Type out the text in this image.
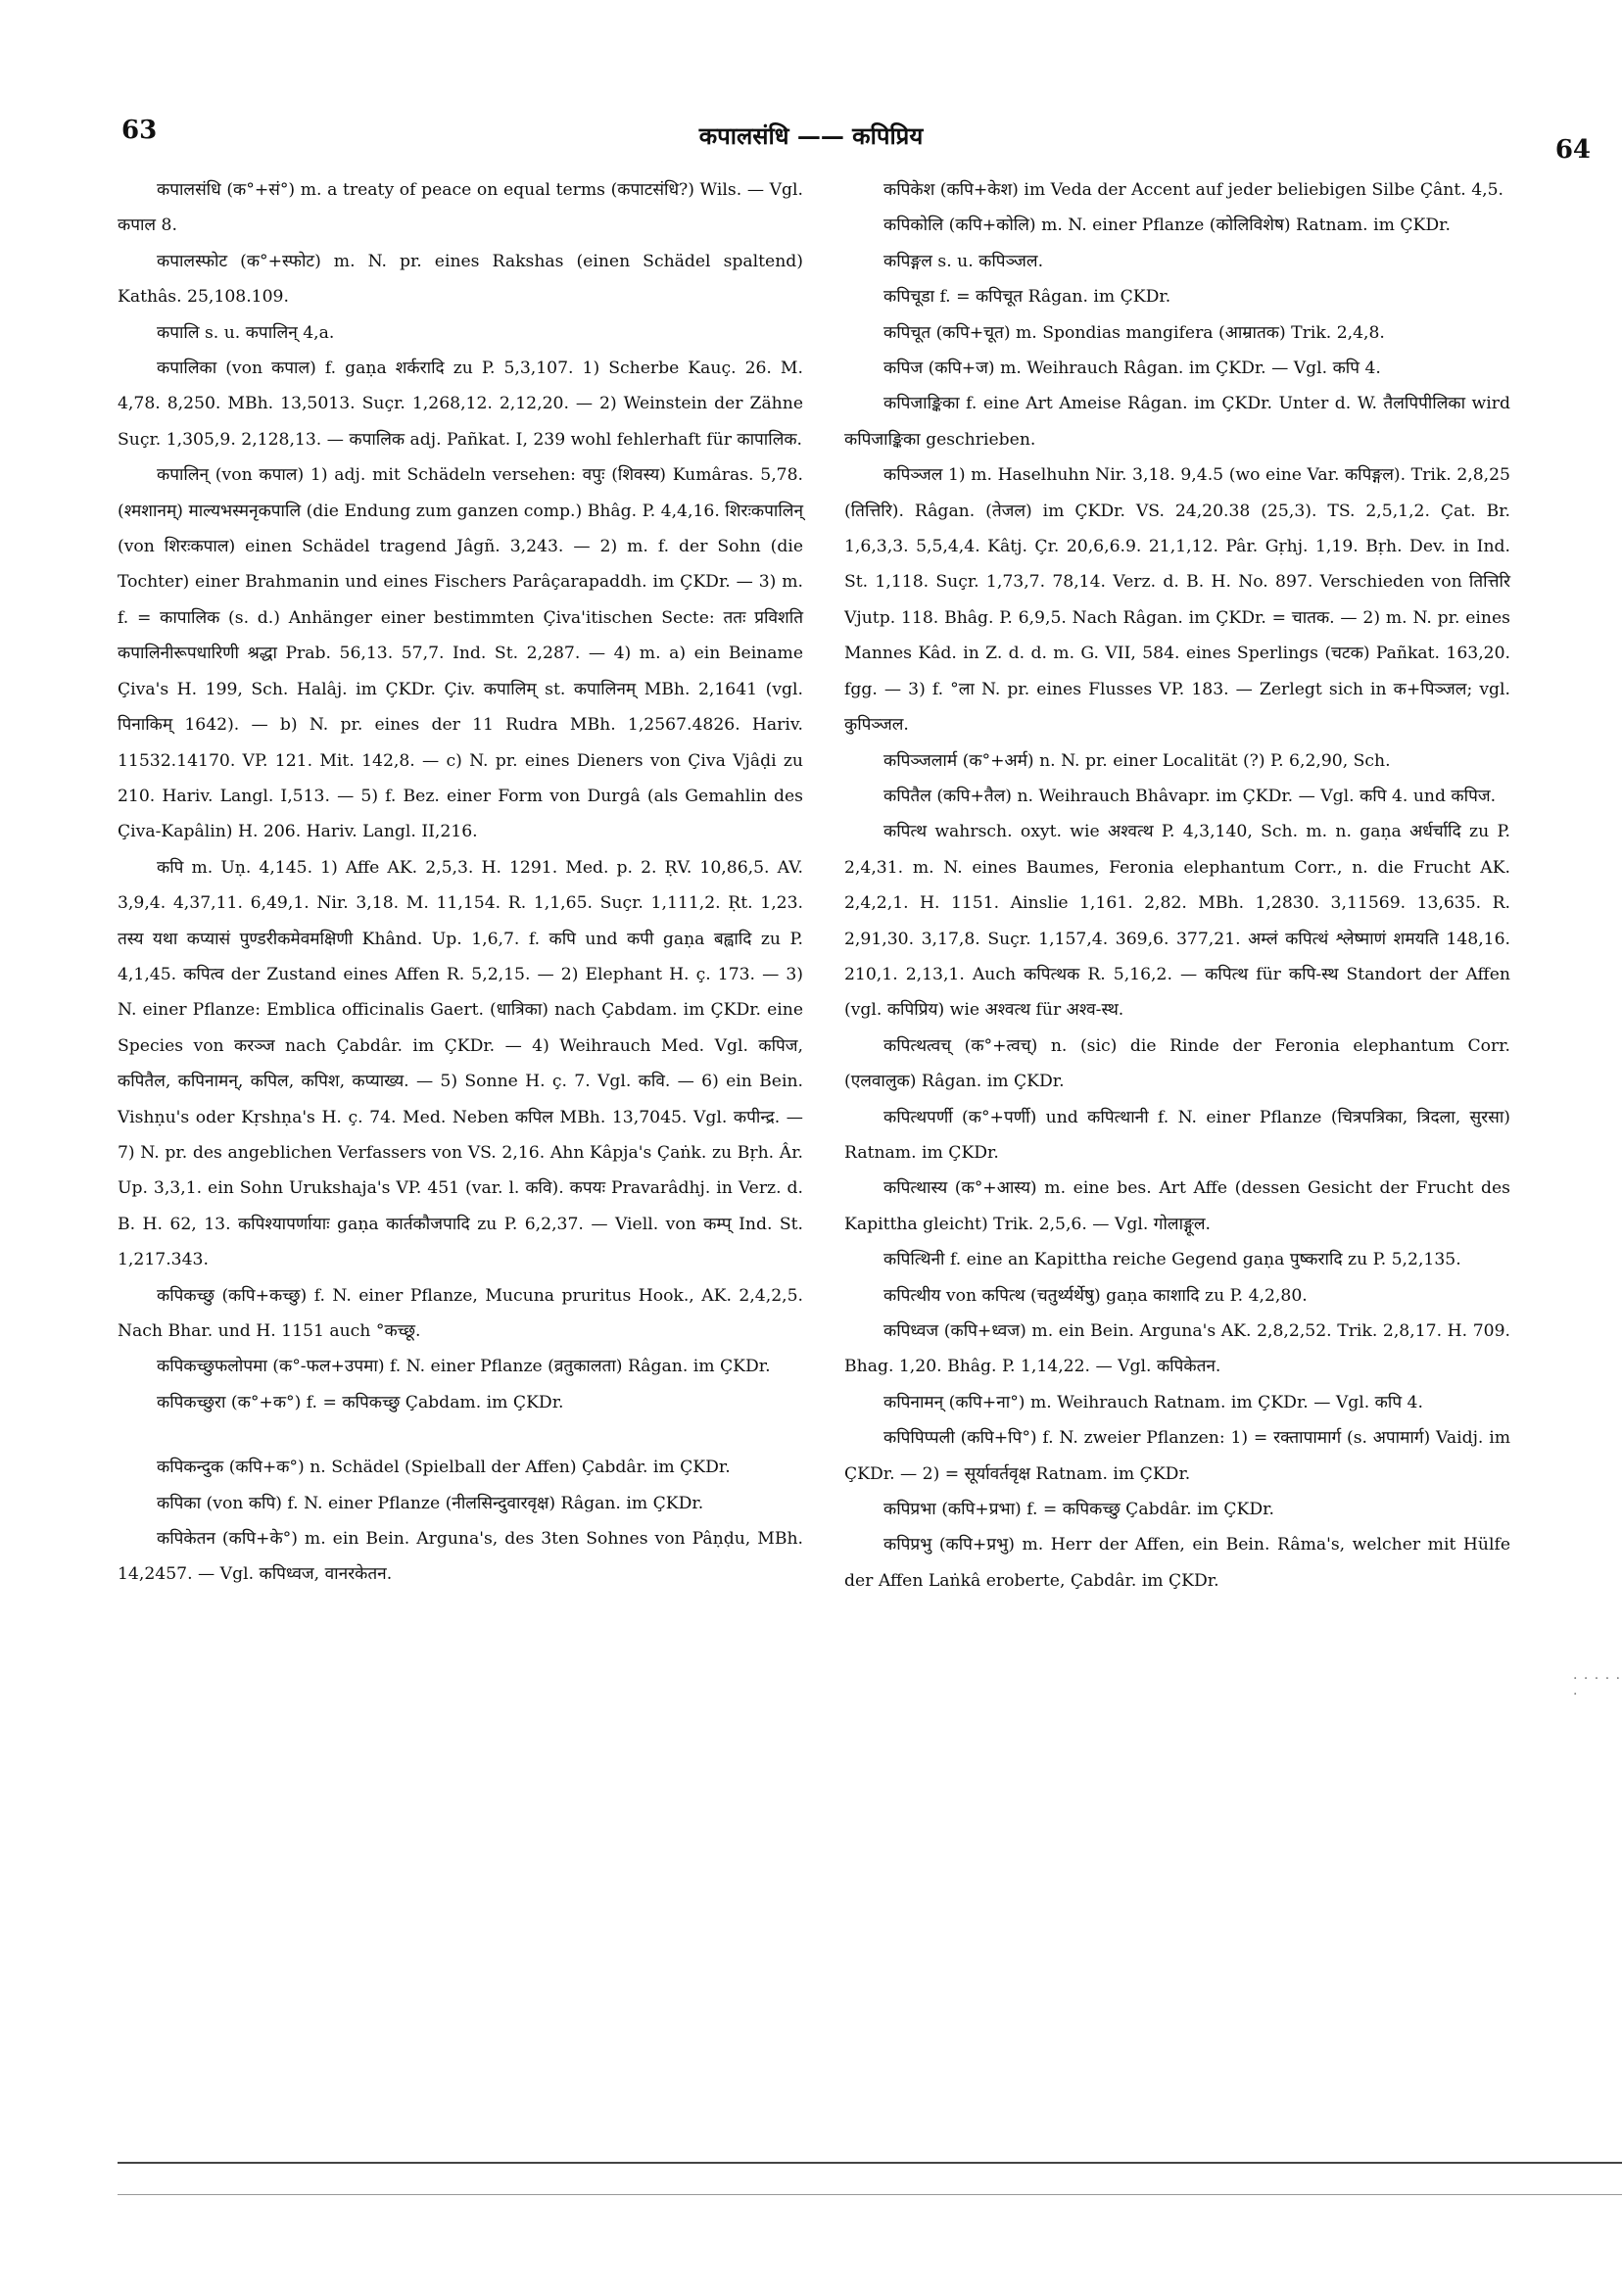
63	कपालसंधि —— कपिप्रिय	64

कपालसंधि (क°+सं°) m. a treaty of peace on equal terms (कपाटसंधि?) Wils. — Vgl. कपाल 8.

कपालस्फोट (क°+स्फोट) m. N. pr. eines Rakshas (einen Schädel spaltend) Kathâs. 25,108.109.

कपालि s. u. कपालिन् 4,a.

कपालिका (von कपाल) f. gaṇa शर्करादि zu P. 5,3,107. 1) Scherbe Kauç. 26. M. 4,78. 8,250. MBh. 13,5013. Suçr. 1,268,12. 2,12,20. — 2) Weinstein der Zähne Suçr. 1,305,9. 2,128,13. — कपालिक adj. Pañkat. I, 239 wohl fehlerhaft für कापालिक.

कपालिन् (von कपाल) 1) adj. mit Schädeln versehen: वपुः (शिवस्य) Kumâras. 5,78. (श्मशानम्) माल्यभस्मनृकपालि (die Endung zum ganzen comp.) Bhâg. P. 4,4,16. शिरःकपालिन् (von शिरःकपाल) einen Schädel tragend Jâgñ. 3,243. — 2) m. f. der Sohn (die Tochter) einer Brahmanin und eines Fischers Parâçarapaddh. im ÇKDr. — 3) m. f. = कापालिक (s. d.) Anhänger einer bestimmten Çiva'itischen Secte: ततः प्रविशति कपालिनीरूपधारिणी श्रद्धा Prab. 56,13. 57,7. Ind. St. 2,287. — 4) m. a) ein Beiname Çiva's H. 199, Sch. Halâj. im ÇKDr. Çiv. कपालिम् st. कपालिनम् MBh. 2,1641 (vgl. पिनाकिम् 1642). — b) N. pr. eines der 11 Rudra MBh. 1,2567.4826. Hariv. 11532.14170. VP. 121. Mit. 142,8. — c) N. pr. eines Dieners von Çiva Vjâḍi zu 210. Hariv. Langl. I,513. — 5) f. Bez. einer Form von Durgâ (als Gemahlin des Çiva-Kapâlin) H. 206. Hariv. Langl. II,216.

कपि m. Uṇ. 4,145. 1) Affe AK. 2,5,3. H. 1291. Med. p. 2. ṚV. 10,86,5. AV. 3,9,4. 4,37,11. 6,49,1. Nir. 3,18. M. 11,154. R. 1,1,65. Suçr. 1,111,2. Ṛt. 1,23. तस्य यथा कप्यासं पुण्डरीकमेवमक्षिणी Khând. Up. 1,6,7. f. कपि und कपी gaṇa बह्वादि zu P. 4,1,45. कपित्व der Zustand eines Affen R. 5,2,15. — 2) Elephant H. ç. 173. — 3) N. einer Pflanze: Emblica officinalis Gaert. (धात्रिका) nach Çabdam. im ÇKDr. eine Species von करञ्ज nach Çabdâr. im ÇKDr. — 4) Weihrauch Med. Vgl. कपिज, कपितैल, कपिनामन्, कपिल, कपिश, कप्याख्य. — 5) Sonne H. ç. 7. Vgl. कवि. — 6) ein Bein. Vishṇu's oder Kṛshṇa's H. ç. 74. Med. Neben कपिल MBh. 13,7045. Vgl. कपीन्द्र. — 7) N. pr. des angeblichen Verfassers von VS. 2,16. Ahn Kâpja's Çaṅk. zu Bṛh. Âr. Up. 3,3,1. ein Sohn Urukshaja's VP. 451 (var. l. कवि). कपयः Pravarâdhj. in Verz. d. B. H. 62, 13. कपिश्यापर्णायाः gaṇa कार्तकौजपादि zu P. 6,2,37. — Viell. von कम्प् Ind. St. 1,217.343.

कपिकच्छु (कपि+कच्छु) f. N. einer Pflanze, Mucuna pruritus Hook., AK. 2,4,2,5. Nach Bhar. und H. 1151 auch °कच्छू.

कपिकच्छुफलोपमा (क°-फल+उपमा) f. N. einer Pflanze (व्रतुकालता) Râgan. im ÇKDr.

कपिकच्छुरा (क°+क°) f. = कपिकच्छु Çabdam. im ÇKDr.

कपिकन्दुक (कपि+क°) n. Schädel (Spielball der Affen) Çabdâr. im ÇKDr.

कपिका (von कपि) f. N. einer Pflanze (नीलसिन्दुवारवृक्ष) Râgan. im ÇKDr.

कपिकेतन (कपि+के°) m. ein Bein. Arguna's, des 3ten Sohnes von Pâṇḍu, MBh. 14,2457. — Vgl. कपिध्वज, वानरकेतन.

कपिकेश (कपि+केश) im Veda der Accent auf jeder beliebigen Silbe Çânt. 4,5.

कपिकोलि (कपि+कोलि) m. N. einer Pflanze (कोलिविशेष) Ratnam. im ÇKDr.

कपिङ्गल s. u. कपिञ्जल.

कपिचूडा f. = कपिचूत Râgan. im ÇKDr.

कपिचूत (कपि+चूत) m. Spondias mangifera (आम्रातक) Trik. 2,4,8.

कपिज (कपि+ज) m. Weihrauch Râgan. im ÇKDr. — Vgl. कपि 4.

कपिजाङ्किका f. eine Art Ameise Râgan. im ÇKDr. Unter d. W. तैलपिपीलिका wird कपिजाङ्किका geschrieben.

कपिञ्जल 1) m. Haselhuhn Nir. 3,18. 9,4.5 (wo eine Var. कपिङ्गल). Trik. 2,8,25 (तित्तिरि). Râgan. (तेजल) im ÇKDr. VS. 24,20.38 (25,3). TS. 2,5,1,2. Çat. Br. 1,6,3,3. 5,5,4,4. Kâtj. Çr. 20,6,6.9. 21,1,12. Pâr. Gṛhj. 1,19. Bṛh. Dev. in Ind. St. 1,118. Suçr. 1,73,7. 78,14. Verz. d. B. H. No. 897. Verschieden von तित्तिरि Vjutp. 118. Bhâg. P. 6,9,5. Nach Râgan. im ÇKDr. = चातक. — 2) m. N. pr. eines Mannes Kâd. in Z. d. d. m. G. VII, 584. eines Sperlings (चटक) Pañkat. 163,20. fgg. — 3) f. °ला N. pr. eines Flusses VP. 183. — Zerlegt sich in क+पिञ्जल; vgl. कुपिञ्जल.

कपिञ्जलार्म (क°+अर्म) n. N. pr. einer Localität (?) P. 6,2,90, Sch.

कपितैल (कपि+तैल) n. Weihrauch Bhâvapr. im ÇKDr. — Vgl. कपि 4. und कपिज.

कपित्थ wahrsch. oxyt. wie अश्वत्थ P. 4,3,140, Sch. m. n. gaṇa अर्धर्चादि zu P. 2,4,31. m. N. eines Baumes, Feronia elephantum Corr., n. die Frucht AK. 2,4,2,1. H. 1151. Ainslie 1,161. 2,82. MBh. 1,2830. 3,11569. 13,635. R. 2,91,30. 3,17,8. Suçr. 1,157,4. 369,6. 377,21. अम्लं कपित्थं श्लेष्माणं शमयति 148,16. 210,1. 2,13,1. Auch कपित्थक R. 5,16,2. — कपित्थ für कपि-स्थ Standort der Affen (vgl. कपिप्रिय) wie अश्वत्थ für अश्व-स्थ.

कपित्थत्वच् (क°+त्वच्) n. (sic) die Rinde der Feronia elephantum Corr. (एलवालुक) Râgan. im ÇKDr.

कपित्थपर्णी (क°+पर्णी) und कपित्थानी f. N. einer Pflanze (चित्रपत्रिका, त्रिदला, सुरसा) Ratnam. im ÇKDr.

कपित्थास्य (क°+आस्य) m. eine bes. Art Affe (dessen Gesicht der Frucht des Kapittha gleicht) Trik. 2,5,6. — Vgl. गोलाङ्गूल.

कपित्थिनी f. eine an Kapittha reiche Gegend gaṇa पुष्करादि zu P. 5,2,135.

कपित्थीय von कपित्थ (चतुर्थ्यर्थेषु) gaṇa काशादि zu P. 4,2,80.

कपिध्वज (कपि+ध्वज) m. ein Bein. Arguna's AK. 2,8,2,52. Trik. 2,8,17. H. 709. Bhag. 1,20. Bhâg. P. 1,14,22. — Vgl. कपिकेतन.

कपिनामन् (कपि+ना°) m. Weihrauch Ratnam. im ÇKDr. — Vgl. कपि 4.

कपिपिप्पली (कपि+पि°) f. N. zweier Pflanzen: 1) = रक्तापामार्ग (s. अपामार्ग) Vaidj. im ÇKDr. — 2) = सूर्यावर्तवृक्ष Ratnam. im ÇKDr.

कपिप्रभा (कपि+प्रभा) f. = कपिकच्छु Çabdâr. im ÇKDr.

कपिप्रभु (कपि+प्रभु) m. Herr der Affen, ein Bein. Râma's, welcher mit Hülfe der Affen Laṅkâ eroberte, Çabdâr. im ÇKDr.

· · · · · ·
